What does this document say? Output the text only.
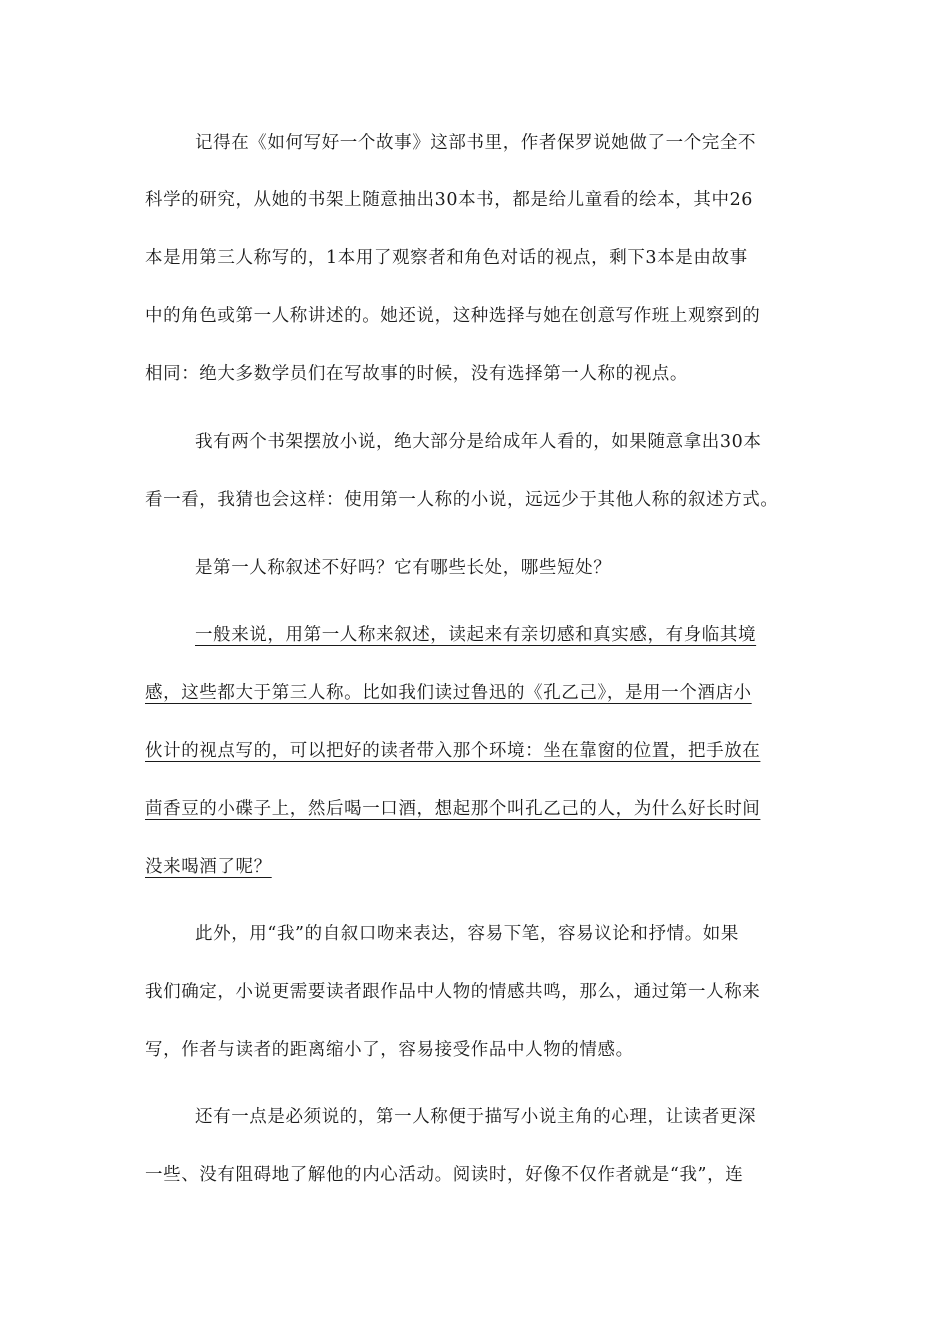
记得在《如何写好一个故事》这部书里，作者保罗说她做了一个完全不
科学的研究，从她的书架上随意抽出30本书，都是给儿童看的绘本，其中26
本是用第三人称写的，1本用了观察者和角色对话的视点，剩下3本是由故事
中的角色或第一人称讲述的。她还说，这种选择与她在创意写作班上观察到的
相同：绝大多数学员们在写故事的时候，没有选择第一人称的视点。
我有两个书架摆放小说，绝大部分是给成年人看的，如果随意拿出30本
看一看，我猜也会这样：使用第一人称的小说，远远少于其他人称的叙述方式。
是第一人称叙述不好吗？它有哪些长处，哪些短处？
一般来说，用第一人称来叙述，读起来有亲切感和真实感，有身临其境
感，这些都大于第三人称。比如我们读过鲁迅的《孔乙己》，是用一个酒店小
伙计的视点写的，可以把好的读者带入那个环境：坐在靠窗的位置，把手放在
茴香豆的小碟子上，然后喝一口酒，想起那个叫孔乙己的人，为什么好长时间
没来喝酒了呢？
此外，用“我”的自叙口吻来表达，容易下笔，容易议论和抒情。如果
我们确定，小说更需要读者跟作品中人物的情感共鸣，那么，通过第一人称来
写，作者与读者的距离缩小了，容易接受作品中人物的情感。
还有一点是必须说的，第一人称便于描写小说主角的心理，让读者更深
一些、没有阻碍地了解他的内心活动。阅读时，好像不仅作者就是“我”，连
